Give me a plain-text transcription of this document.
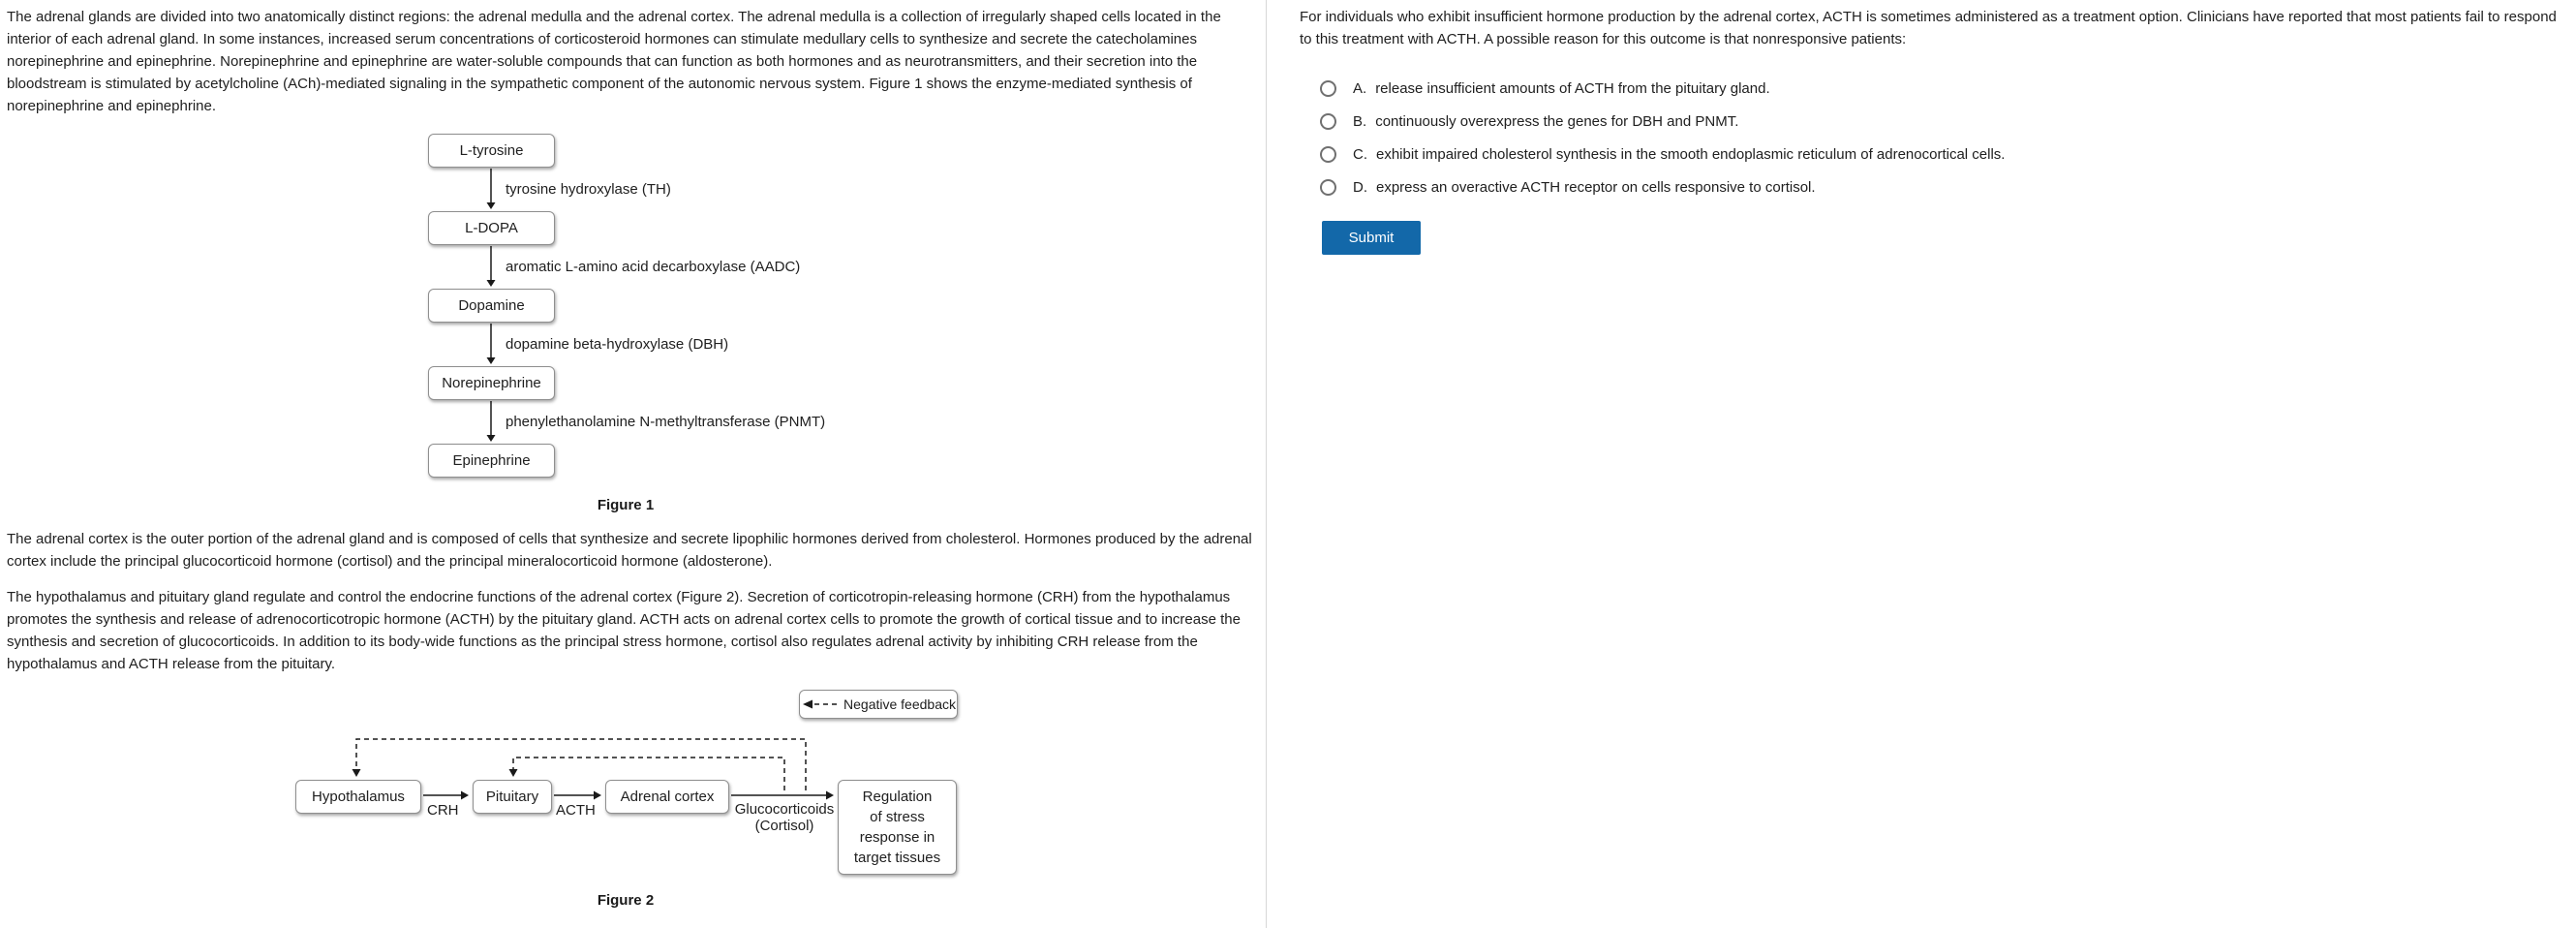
The adrenal glands are divided into two anatomically distinct regions: the adrenal medulla and the adrenal cortex. The adrenal medulla is a collection of irregularly shaped cells located in the interior of each adrenal gland. In some instances, increased serum concentrations of corticosteroid hormones can stimulate medullary cells to synthesize and secrete the catecholamines norepinephrine and epinephrine. Norepinephrine and epinephrine are water-soluble compounds that can function as both hormones and as neurotransmitters, and their secretion into the bloodstream is stimulated by acetylcholine (ACh)-mediated signaling in the sympathetic component of the autonomic nervous system. Figure 1 shows the enzyme-mediated synthesis of norepinephrine and epinephrine.

The adrenal cortex is the outer portion of the adrenal gland and is composed of cells that synthesize and secrete lipophilic hormones derived from cholesterol. Hormones produced by the adrenal cortex include the principal glucocorticoid hormone (cortisol) and the principal mineralocorticoid hormone (aldosterone).

The hypothalamus and pituitary gland regulate and control the endocrine functions of the adrenal cortex (Figure 2). Secretion of corticotropin-releasing hormone (CRH) from the hypothalamus promotes the synthesis and release of adrenocorticotropic hormone (ACTH) by the pituitary gland. ACTH acts on adrenal cortex cells to promote the growth of cortical tissue and to increase the synthesis and secretion of glucocorticoids. In addition to its body-wide functions as the principal stress hormone, cortisol also regulates adrenal activity by inhibiting CRH release from the hypothalamus and ACTH release from the pituitary.

L-tyrosine
L-DOPA
Dopamine
Norepinephrine
Epinephrine
tyrosine hydroxylase (TH)
aromatic L-amino acid decarboxylase (AADC)
dopamine beta-hydroxylase (DBH)
phenylethanolamine N-methyltransferase (PNMT)
Figure 1
Negative feedback
Hypothalamus	Pituitary	Adrenal cortex	Regulation
of stress
response in
target tissues
CRH	ACTH	Glucocorticoids
(Cortisol)
Figure 2

For individuals who exhibit insufficient hormone production by the adrenal cortex, ACTH is sometimes administered as a treatment option. Clinicians have reported that most patients fail to respond to this treatment with ACTH. A possible reason for this outcome is that nonresponsive patients:

A. release insufficient amounts of ACTH from the pituitary gland.
B. continuously overexpress the genes for DBH and PNMT.
C. exhibit impaired cholesterol synthesis in the smooth endoplasmic reticulum of adrenocortical cells.
D. express an overactive ACTH receptor on cells responsive to cortisol.
Submit
